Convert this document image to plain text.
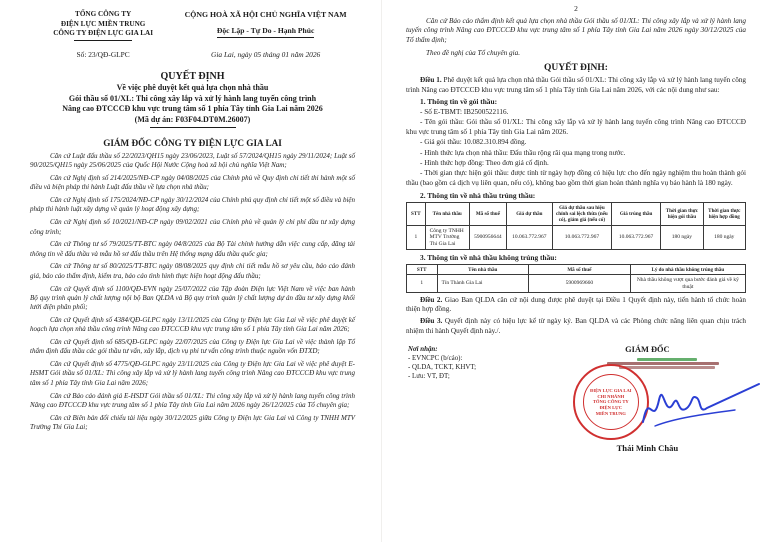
TỔNG CÔNG TY
ĐIỆN LỰC MIỀN TRUNG
CÔNG TY ĐIỆN LỰC GIA LAI
Số: 23/QĐ-GLPC
CỘNG HOÀ XÃ HỘI CHỦ NGHĨA VIỆT NAM
Độc Lập - Tự Do - Hạnh Phúc
Gia Lai, ngày 05 tháng 01 năm 2026
QUYẾT ĐỊNH
Về việc phê duyệt kết quả lựa chọn nhà thầu
Gói thầu số 01/XL: Thi công xây lắp và xử lý hành lang tuyến công trình
Nâng cao ĐTCCCĐ khu vực trung tâm số 1 phía Tây tỉnh Gia Lai năm 2026
(Mã dự án: F03F04.DT0M.26007)
GIÁM ĐỐC CÔNG TY ĐIỆN LỰC GIA LAI

Căn cứ Luật đấu thầu số 22/2023/QH15 ngày 23/06/2023, Luật số 57/2024/QH15 ngày 29/11/2024; Luật số 90/2025/QH15 ngày 25/06/2025 của Quốc Hội Nước Cộng hoà xã hội chủ nghĩa Việt Nam;

Căn cứ Nghị định số 214/2025/NĐ-CP ngày 04/08/2025 của Chính phủ về Quy định chi tiết thi hành một số điều và biện pháp thi hành Luật đấu thầu về lựa chọn nhà thầu;

Căn cứ Nghị định số 175/2024/NĐ-CP ngày 30/12/2024 của Chính phủ quy định chi tiết một số điều và biện pháp thi hành luật xây dựng về quản lý hoạt động xây dựng;

Căn cứ Nghị định số 10/2021/NĐ-CP ngày 09/02/2021 của Chính phủ về quản lý chi phí đầu tư xây dựng công trình;

Căn cứ Thông tư số 79/2025/TT-BTC ngày 04/8/2025 của Bộ Tài chính hướng dẫn việc cung cấp, đăng tải thông tin về đấu thầu và mẫu hồ sơ đấu thầu trên Hệ thống mạng đấu thầu quốc gia;

Căn cứ Thông tư số 80/2025/TT-BTC ngày 08/08/2025 quy định chi tiết mẫu hồ sơ yêu cầu, báo cáo đánh giá, báo cáo thẩm định, kiểm tra, báo cáo tình hình thực hiện hoạt động đấu thầu;

Căn cứ Quyết định số 1100/QĐ-EVN ngày 25/07/2022 của Tập đoàn Điện lực Việt Nam về việc ban hành Bộ quy trình quản lý chất lượng nội bộ Ban QLDA và Bộ quy trình quản lý chất lượng dự án đầu tư xây dựng khối lưới điện phân phối;

Căn cứ Quyết định số 4384/QĐ-GLPC ngày 13/11/2025 của Công ty Điện lực Gia Lai về việc phê duyệt kế hoạch lựa chọn nhà thầu công trình Nâng cao ĐTCCCĐ khu vực trung tâm số 1 phía Tây tỉnh Gia Lai năm 2026;

Căn cứ Quyết định số 685/QĐ-GLPC ngày 22/07/2025 của Công ty Điện lực Gia Lai về việc thành lập Tổ thẩm định đấu thầu các gói thầu tư vấn, xây lắp, dịch vụ phi tư vấn công trình thuộc nguồn vốn ĐTXD;

Căn cứ Quyết định số 4775/QĐ-GLPC ngày 23/11/2025 của Công ty Điện lực Gia Lai về việc phê duyệt E-HSMT Gói thầu số 01/XL: Thi công xây lắp và xử lý hành lang tuyến công trình Nâng cao ĐTCCCĐ khu vực trung tâm số 1 phía Tây tỉnh Gia Lai năm 2026;

Căn cứ Báo cáo đánh giá E-HSDT Gói thầu số 01/XL: Thi công xây lắp và xử lý hành lang tuyến công trình Nâng cao ĐTCCCĐ khu vực trung tâm số 1 phía Tây tỉnh Gia Lai năm 2026 ngày 26/12/2025 của Tổ chuyên gia;

Căn cứ Biên bản đối chiếu tài liệu ngày 30/12/2025 giữa Công ty Điện lực Gia Lai và Công ty TNHH MTV Trường Thi Gia Lai;

2

Căn cứ Báo cáo thẩm định kết quả lựa chọn nhà thầu Gói thầu số 01/XL: Thi công xây lắp và xử lý hành lang tuyến công trình Nâng cao ĐTCCCĐ khu vực trung tâm số 1 phía Tây tỉnh Gia Lai năm 2026 ngày 30/12/2025 của Tổ thẩm định;

Theo đề nghị của Tổ chuyên gia.

QUYẾT ĐỊNH:

Điều 1. Phê duyệt kết quả lựa chọn nhà thầu Gói thầu số 01/XL: Thi công xây lắp và xử lý hành lang tuyến công trình Nâng cao ĐTCCCĐ khu vực trung tâm số 1 phía Tây tỉnh Gia Lai năm 2026, với các nội dung như sau:

1. Thông tin về gói thầu:

- Số E-TBMT: IB2500522116.

- Tên gói thầu: Gói thầu số 01/XL: Thi công xây lắp và xử lý hành lang tuyến công trình Nâng cao ĐTCCCĐ khu vực trung tâm số 1 phía Tây tỉnh Gia Lai năm 2026.

- Giá gói thầu: 10.082.310.894 đồng.

- Hình thức lựa chọn nhà thầu: Đấu thầu rộng rãi qua mạng trong nước.

- Hình thức hợp đồng: Theo đơn giá cố định.

- Thời gian thực hiện gói thầu: được tính từ ngày hợp đồng có hiệu lực cho đến ngày nghiệm thu hoàn thành gói thầu (bao gồm cả dịch vụ liên quan, nếu có), không bao gồm thời gian hoàn thành nghĩa vụ bảo hành là 180 ngày.

2. Thông tin về nhà thầu trúng thầu:
STT	Tên nhà thầu	Mã số thuế	Giá dự thầu	Giá dự thầu sau hiệu chỉnh sai lệch thừa (nếu có), giảm giá (nếu có)	Giá trúng thầu	Thời gian thực hiện gói thầu	Thời gian thực hiện hợp đồng
1	Công ty TNHH MTV Trường Thi Gia Lai	5900956644	10.063.772.967	10.063.772.967	10.063.772.967	180 ngày	180 ngày
3. Thông tin về nhà thầu không trúng thầu:
STT	Tên nhà thầu	Mã số thuế	Lý do nhà thầu không trúng thầu
1	Tín Thành Gia Lai	5900969660	Nhà thầu không vượt qua bước đánh giá về kỹ thuật

Điều 2. Giao Ban QLDA căn cứ nội dung được phê duyệt tại Điều 1 Quyết định này, tiến hành tổ chức hoàn thiện hợp đồng.

Điều 3. Quyết định này có hiệu lực kể từ ngày ký. Ban QLDA và các Phòng chức năng liên quan chịu trách nhiệm thi hành Quyết định này./.

Nơi nhận:
- EVNCPC (b/cáo):
- QLDA, TCKT, KHVT;
- Lưu: VT, ĐT;
GIÁM ĐỐC
ĐIỆN LỰC GIA LAI
CHI NHÁNH
TỔNG CÔNG TY
ĐIỆN LỰC
MIỀN TRUNG
Thái Minh Châu
